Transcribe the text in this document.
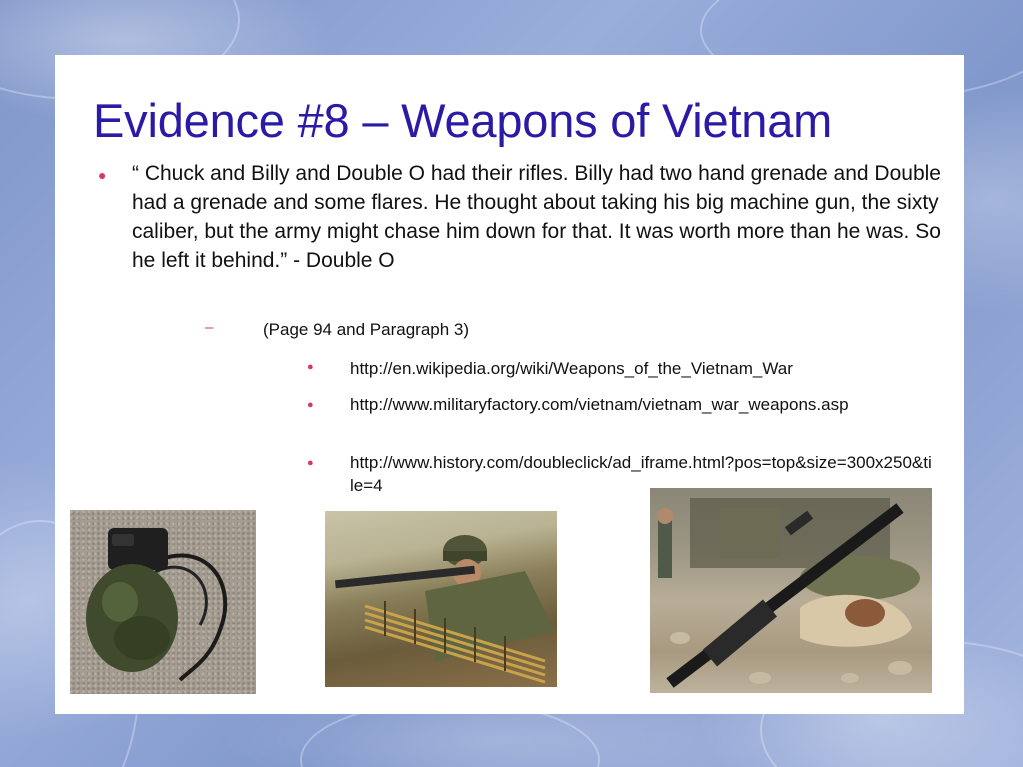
Evidence #8 – Weapons of Vietnam
● “ Chuck and Billy and Double O had their rifles. Billy had two hand grenade and Double had a grenade and some flares. He thought about taking his big machine gun, the sixty caliber, but the army might chase him down for that. It was worth more than he was. So he left it behind.” - Double O
–	(Page 94 and Paragraph 3)
● http://en.wikipedia.org/wiki/Weapons_of_the_Vietnam_War
● http://www.militaryfactory.com/vietnam/vietnam_war_weapons.asp
● http://www.history.com/doubleclick/ad_iframe.html?pos=top&size=300x250&tile=4
